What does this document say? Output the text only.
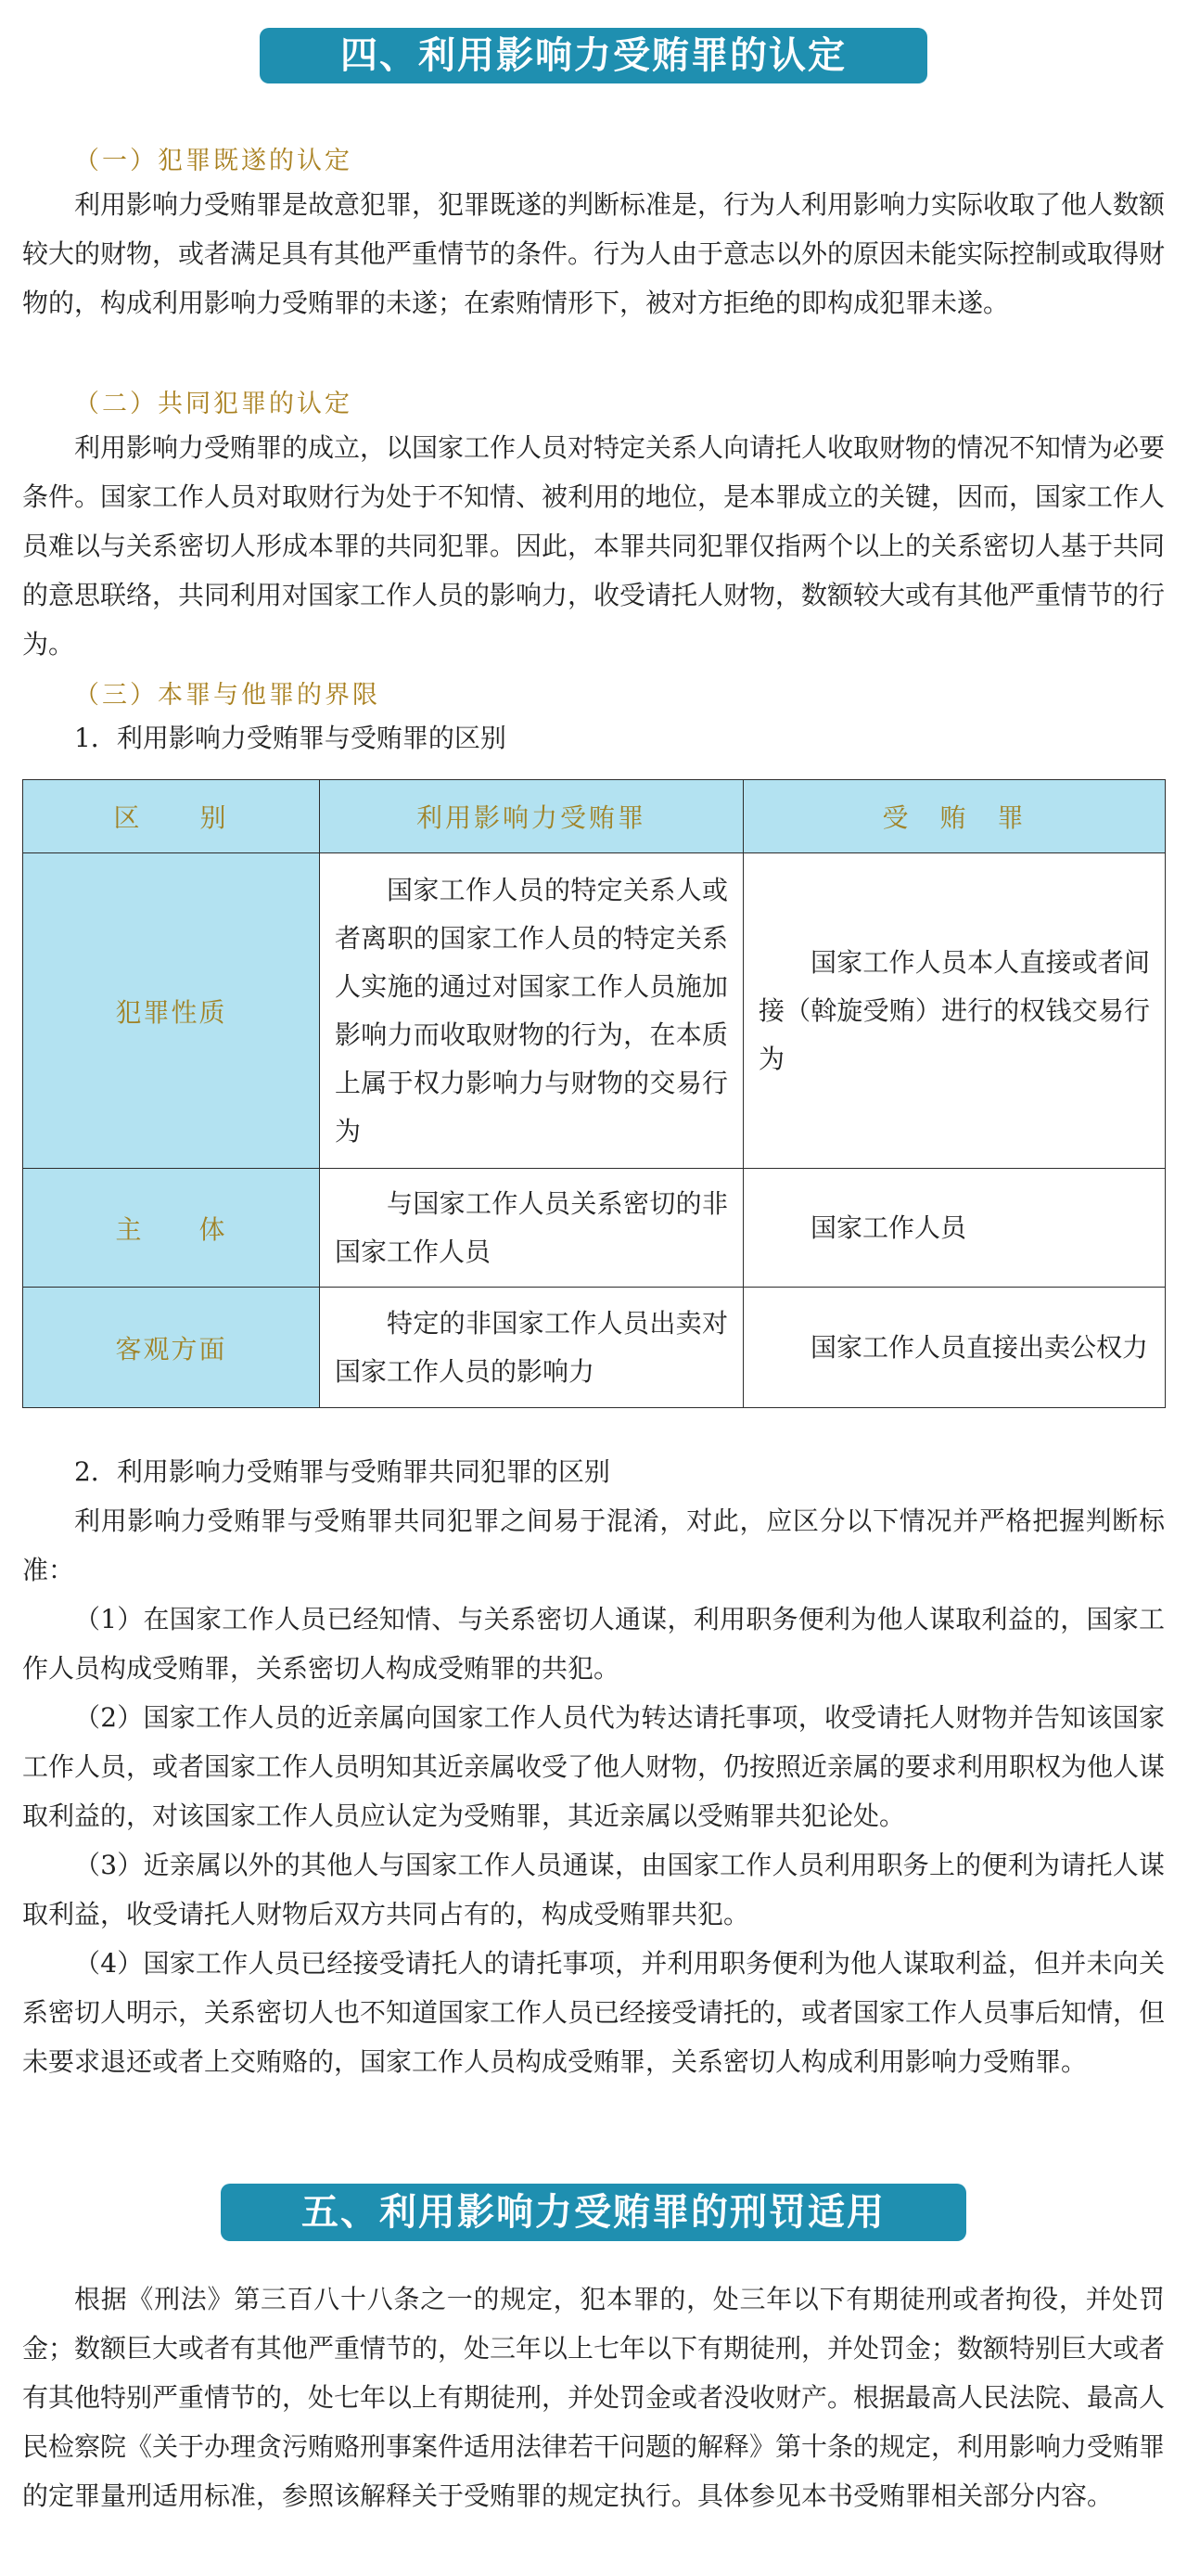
四、利用影响力受贿罪的认定
（一）犯罪既遂的认定

利用影响力受贿罪是故意犯罪，犯罪既遂的判断标准是，行为人利用影响力实际收取了他人数额较大的财物，或者满足具有其他严重情节的条件。行为人由于意志以外的原因未能实际控制或取得财物的，构成利用影响力受贿罪的未遂；在索贿情形下，被对方拒绝的即构成犯罪未遂。

（二）共同犯罪的认定

利用影响力受贿罪的成立，以国家工作人员对特定关系人向请托人收取财物的情况不知情为必要条件。国家工作人员对取财行为处于不知情、被利用的地位，是本罪成立的关键，因而，国家工作人员难以与关系密切人形成本罪的共同犯罪。因此，本罪共同犯罪仅指两个以上的关系密切人基于共同的意思联络，共同利用对国家工作人员的影响力，收受请托人财物，数额较大或有其他严重情节的行为。

（三）本罪与他罪的界限

1．利用影响力受贿罪与受贿罪的区别

区　　别	利用影响力受贿罪	受　贿　罪
犯罪性质	国家工作人员的特定关系人或者离职的国家工作人员的特定关系人实施的通过对国家工作人员施加影响力而收取财物的行为，在本质上属于权力影响力与财物的交易行为	国家工作人员本人直接或者间接（斡旋受贿）进行的权钱交易行为

主　　体	与国家工作人员关系密切的非国家工作人员	国家工作人员

客观方面	特定的非国家工作人员出卖对国家工作人员的影响力	国家工作人员直接出卖公权力

2．利用影响力受贿罪与受贿罪共同犯罪的区别

利用影响力受贿罪与受贿罪共同犯罪之间易于混淆，对此，应区分以下情况并严格把握判断标准：

（1）在国家工作人员已经知情、与关系密切人通谋，利用职务便利为他人谋取利益的，国家工作人员构成受贿罪，关系密切人构成受贿罪的共犯。

（2）国家工作人员的近亲属向国家工作人员代为转达请托事项，收受请托人财物并告知该国家工作人员，或者国家工作人员明知其近亲属收受了他人财物，仍按照近亲属的要求利用职权为他人谋取利益的，对该国家工作人员应认定为受贿罪，其近亲属以受贿罪共犯论处。

（3）近亲属以外的其他人与国家工作人员通谋，由国家工作人员利用职务上的便利为请托人谋取利益，收受请托人财物后双方共同占有的，构成受贿罪共犯。

（4）国家工作人员已经接受请托人的请托事项，并利用职务便利为他人谋取利益，但并未向关系密切人明示，关系密切人也不知道国家工作人员已经接受请托的，或者国家工作人员事后知情，但未要求退还或者上交贿赂的，国家工作人员构成受贿罪，关系密切人构成利用影响力受贿罪。

五、利用影响力受贿罪的刑罚适用

根据《刑法》第三百八十八条之一的规定，犯本罪的，处三年以下有期徒刑或者拘役，并处罚金；数额巨大或者有其他严重情节的，处三年以上七年以下有期徒刑，并处罚金；数额特别巨大或者有其他特别严重情节的，处七年以上有期徒刑，并处罚金或者没收财产。根据最高人民法院、最高人民检察院《关于办理贪污贿赂刑事案件适用法律若干问题的解释》第十条的规定，利用影响力受贿罪的定罪量刑适用标准，参照该解释关于受贿罪的规定执行。具体参见本书受贿罪相关部分内容。
